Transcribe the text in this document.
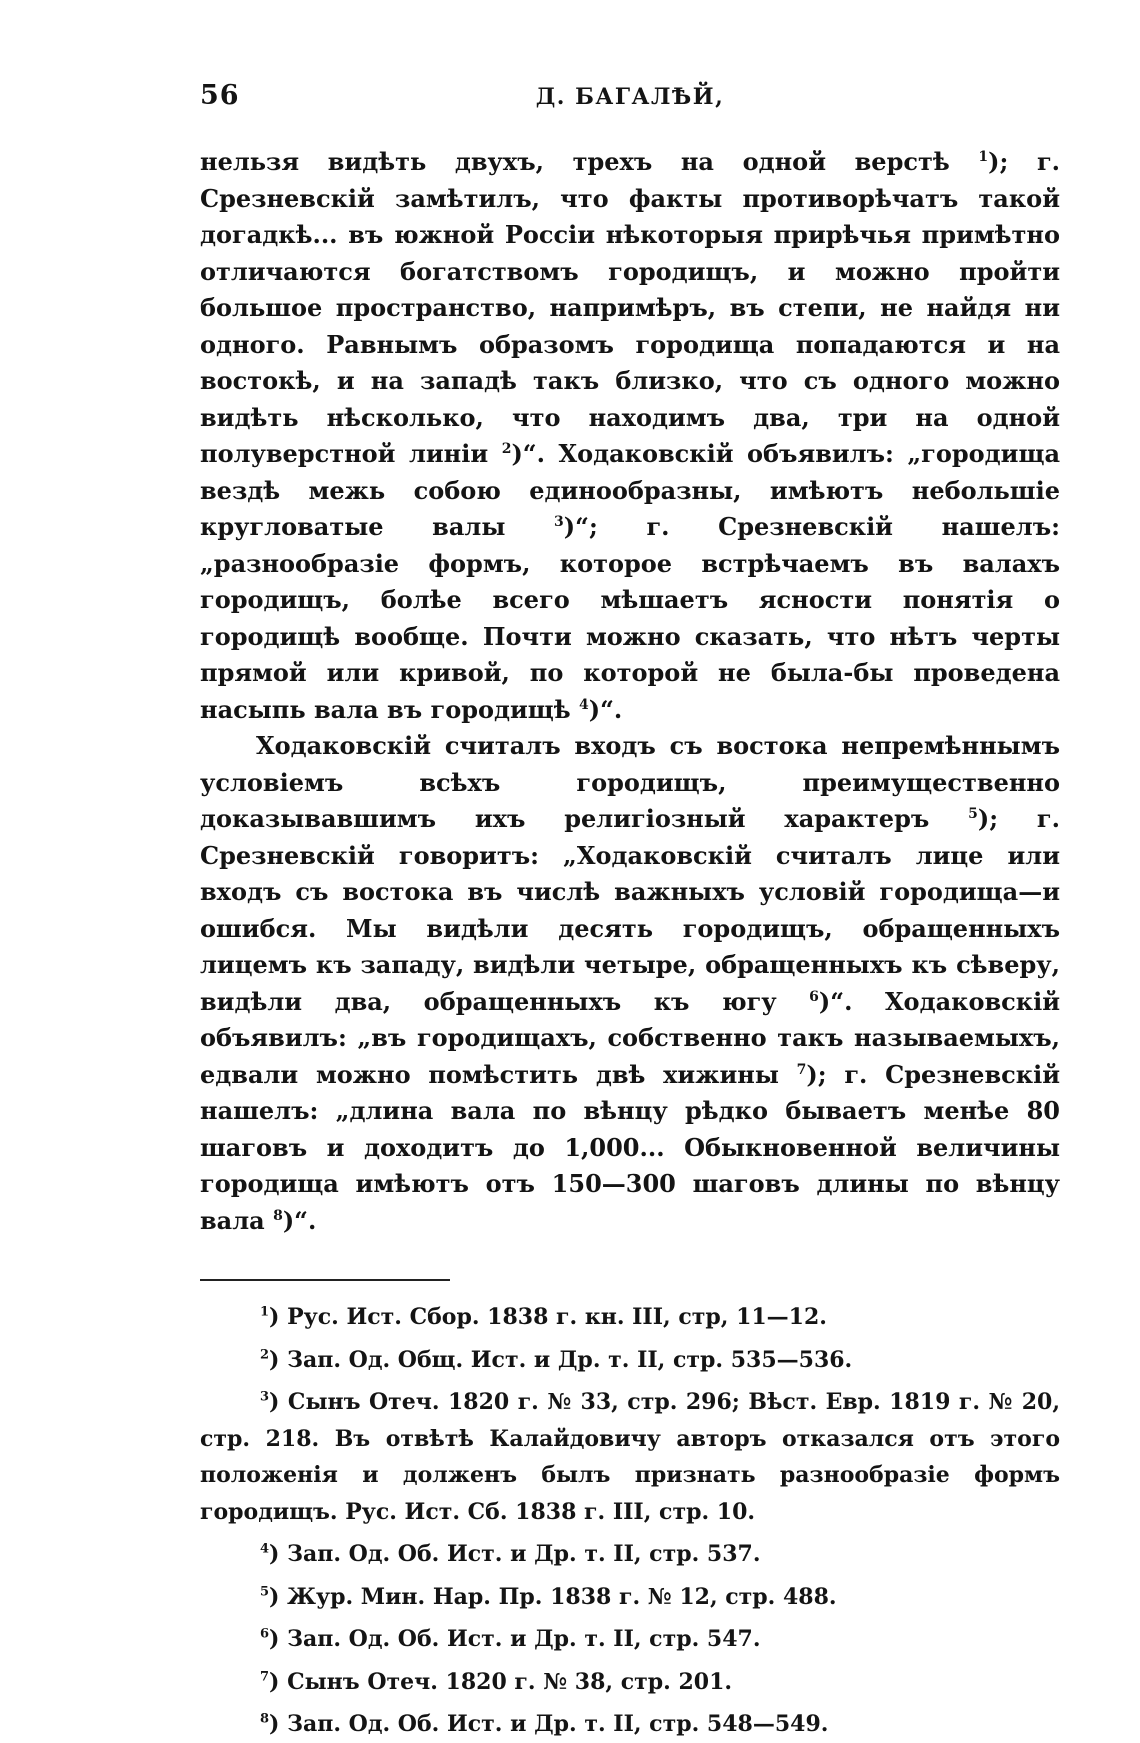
56	Д. БАГАЛѢЙ,

нельзя видѣть двухъ, трехъ на одной верстѣ $^1$); г. Срезневскій замѣтилъ, что факты противорѣчатъ такой догадкѣ... въ южной Россіи нѣкоторыя прирѣчья примѣтно отличаются богатствомъ городищъ, и можно пройти большое пространство, напримѣръ, въ степи, не найдя ни одного. Равнымъ образомъ городища попадаются и на востокѣ, и на западѣ такъ близко, что съ одного можно видѣть нѣсколько, что находимъ два, три на одной полуверстной линіи $^2$)“. Ходаковскій объявилъ: „городища вездѣ межь собою единообразны, имѣютъ небольшіе кругловатые валы $^3$)“; г. Срезневскій нашелъ: „разнообразіе формъ, которое встрѣчаемъ въ валахъ городищъ, болѣе всего мѣшаетъ ясности понятія о городищѣ вообще. Почти можно сказать, что нѣтъ черты прямой или кривой, по которой не была-бы проведена насыпь вала въ городищѣ $^4$)“.

Ходаковскій считалъ входъ съ востока непремѣннымъ условіемъ всѣхъ городищъ, преимущественно доказывавшимъ ихъ религіозный характеръ $^5$); г. Срезневскій говоритъ: „Ходаковскій считалъ лице или входъ съ востока въ числѣ важныхъ условій городища—и ошибся. Мы видѣли десять городищъ, обращенныхъ лицемъ къ западу, видѣли четыре, обращенныхъ къ сѣверу, видѣли два, обращенныхъ къ югу $^6$)“. Ходаковскій объявилъ: „въ городищахъ, собственно такъ называемыхъ, едвали можно помѣстить двѣ хижины $^7$); г. Срезневскій нашелъ: „длина вала по вѣнцу рѣдко бываетъ менѣе 80 шаговъ и доходитъ до 1,000... Обыкновенной величины городища имѣютъ отъ 150—300 шаговъ длины по вѣнцу вала $^8$)“.

$^1$) Рус. Ист. Сбор. 1838 г. кн. III, стр, 11—12.
$^2$) Зап. Од. Общ. Ист. и Др. т. II, стр. 535—536.
$^3$) Сынъ Отеч. 1820 г. № 33, стр. 296; Вѣст. Евр. 1819 г. № 20, стр. 218. Въ отвѣтѣ Калайдовичу авторъ отказался отъ этого положенія и долженъ былъ признать разнообразіе формъ городищъ. Рус. Ист. Сб. 1838 г. III, стр. 10.
$^4$) Зап. Од. Об. Ист. и Др. т. II, стр. 537.
$^5$) Жур. Мин. Нар. Пр. 1838 г. № 12, стр. 488.
$^6$) Зап. Од. Об. Ист. и Др. т. II, стр. 547.
$^7$) Сынъ Отеч. 1820 г. № 38, стр. 201.
$^8$) Зап. Од. Об. Ист. и Др. т. II, стр. 548—549.
